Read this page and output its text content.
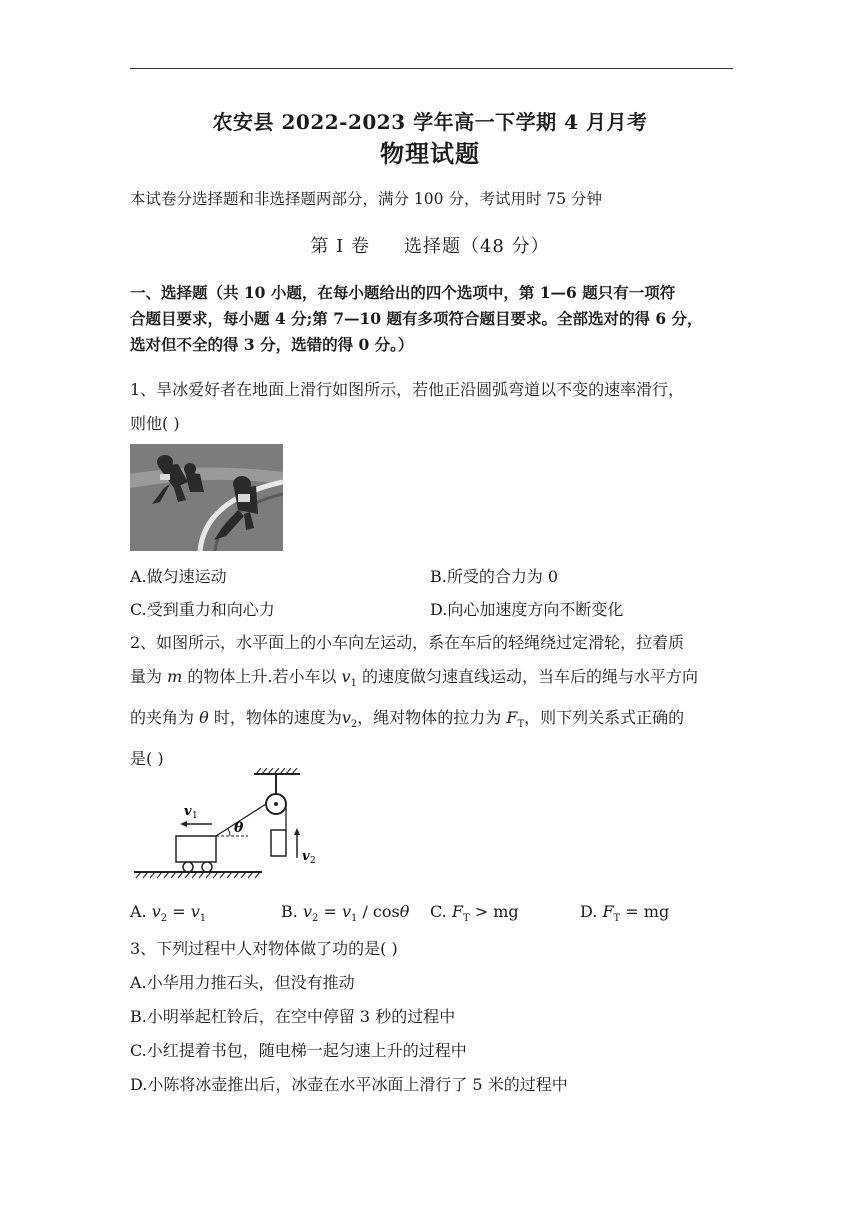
农安县 2022-2023 学年高一下学期 4 月月考
物理试题
本试卷分选择题和非选择题两部分，满分 100 分，考试用时 75 分钟
第 I 卷 选择题（48 分）
一、选择题（共 10 小题，在每小题给出的四个选项中，第 1—6 题只有一项符
合题目要求，每小题 4 分;第 7—10 题有多项符合题目要求。全部选对的得 6 分，
选对但不全的得 3 分，选错的得 0 分。）
1、旱冰爱好者在地面上滑行如图所示，若他正沿圆弧弯道以不变的速率滑行，
则他( )
A.做匀速运动	B.所受的合力为 0
C.受到重力和向心力	D.向心加速度方向不断变化
2、如图所示，水平面上的小车向左运动，系在车后的轻绳绕过定滑轮，拉着质
量为 m 的物体上升.若小车以 $v_1$ 的速度做匀速直线运动，当车后的绳与水平方向
的夹角为 θ 时，物体的速度为$v_2$，绳对物体的拉力为 $F_T$，则下列关系式正确的
是( )
v 2
θ
v 1
A. $v_2 = v_1$	B. $v_2 = v_1 / \cos\theta$ C. $F_T$ > mg	D. $F_T$ = mg
3、下列过程中人对物体做了功的是( )
A.小华用力推石头，但没有推动
B.小明举起杠铃后，在空中停留 3 秒的过程中
C.小红提着书包，随电梯一起匀速上升的过程中
D.小陈将冰壶推出后，冰壶在水平冰面上滑行了 5 米的过程中
